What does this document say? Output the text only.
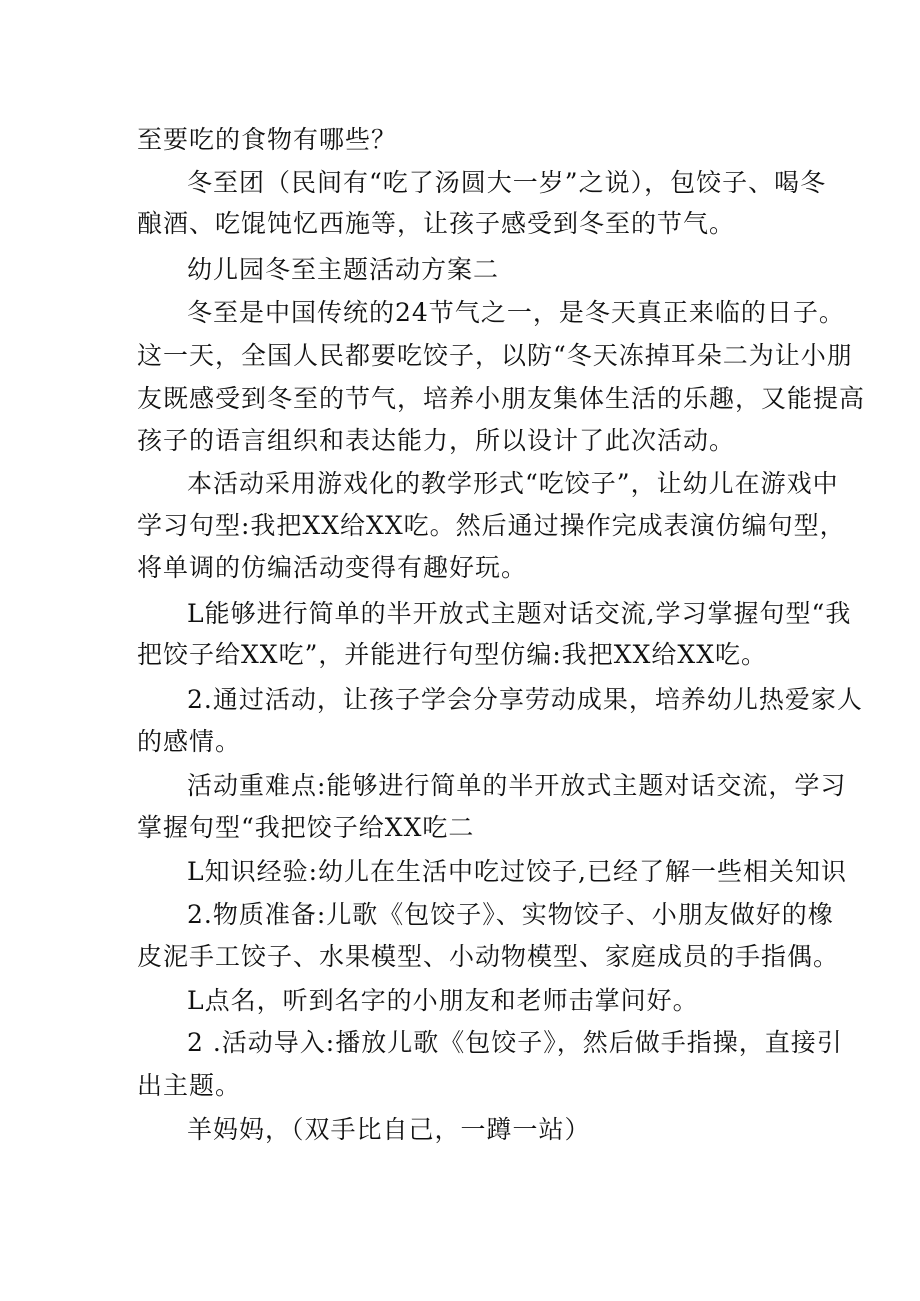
至要吃的食物有哪些？
冬至团（民间有“吃了汤圆大一岁”之说），包饺子、喝冬
酿酒、吃馄饨忆西施等，让孩子感受到冬至的节气。
幼儿园冬至主题活动方案二
冬至是中国传统的24节气之一，是冬天真正来临的日子。
这一天，全国人民都要吃饺子，以防“冬天冻掉耳朵二为让小朋
友既感受到冬至的节气，培养小朋友集体生活的乐趣，又能提高
孩子的语言组织和表达能力，所以设计了此次活动。
本活动采用游戏化的教学形式“吃饺子”，让幼儿在游戏中
学习句型:我把XX给XX吃。然后通过操作完成表演仿编句型，
将单调的仿编活动变得有趣好玩。
L能够进行简单的半开放式主题对话交流,学习掌握句型“我
把饺子给XX吃”，并能进行句型仿编:我把XX给XX吃。
2.通过活动，让孩子学会分享劳动成果，培养幼儿热爱家人
的感情。
活动重难点:能够进行简单的半开放式主题对话交流，学习
掌握句型“我把饺子给XX吃二
L知识经验:幼儿在生活中吃过饺子,已经了解一些相关知识
2.物质准备:儿歌《包饺子》、实物饺子、小朋友做好的橡
皮泥手工饺子、水果模型、小动物模型、家庭成员的手指偶。
L点名，听到名字的小朋友和老师击掌问好。
2 .活动导入:播放儿歌《包饺子》，然后做手指操，直接引
出主题。
羊妈妈，（双手比自己，一蹲一站）
